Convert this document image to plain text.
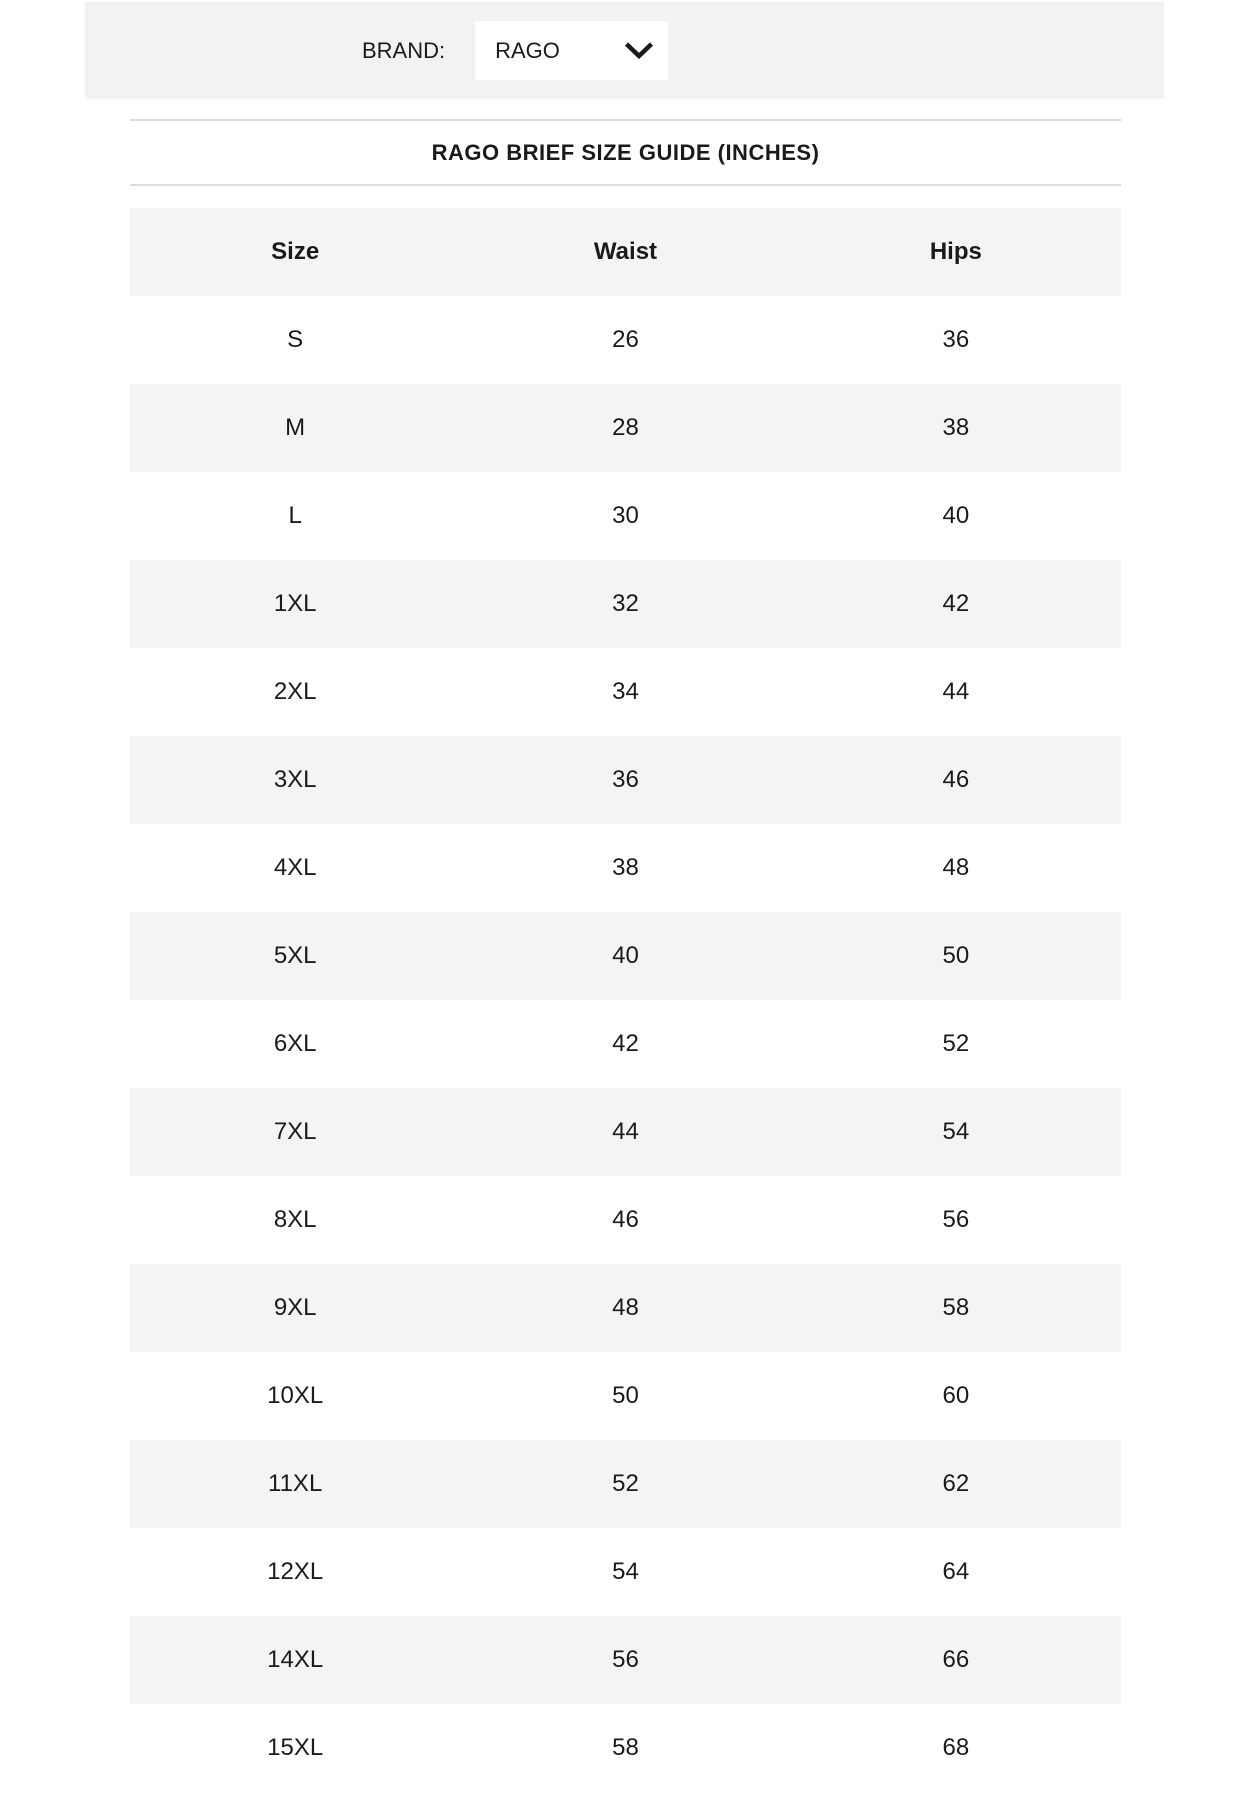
BRAND: RAGO
RAGO BRIEF SIZE GUIDE (INCHES)
Size	Waist	Hips
S	26	36
M	28	38
L	30	40
1XL	32	42
2XL	34	44
3XL	36	46
4XL	38	48
5XL	40	50
6XL	42	52
7XL	44	54
8XL	46	56
9XL	48	58
10XL	50	60
11XL	52	62
12XL	54	64
14XL	56	66
15XL	58	68
